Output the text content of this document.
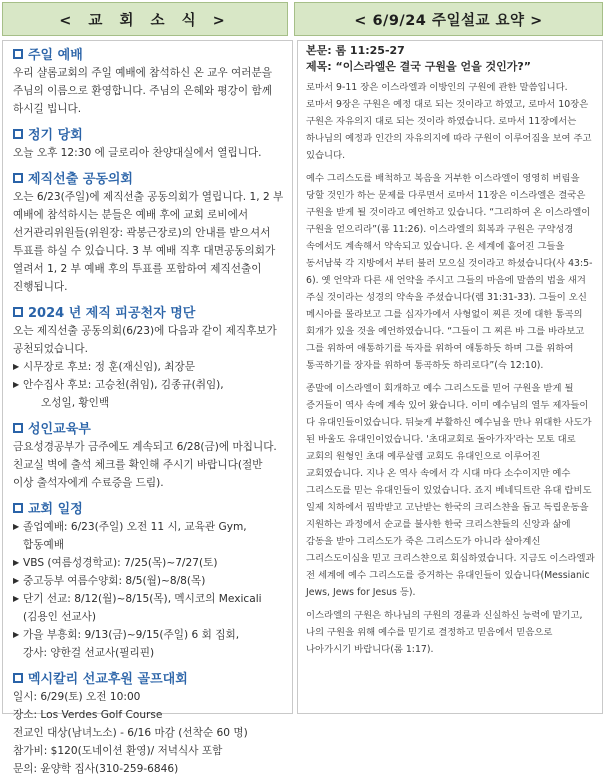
< 교 회 소 식 >	< 6/9/24 주일설교 요약 >
주일 예배
우리 샬롬교회의 주일 예배에 참석하신 온 교우 여러분을 주님의 이름으로 환영합니다. 주님의 은혜와 평강이 함께 하시길 빕니다.
정기 당회
오늘 오후 12:30 에 글로리아 찬양대실에서 열립니다.
제직선출 공동의회
오는 6/23(주일)에 제직선출 공동의회가 열립니다. 1, 2 부 예배에 참석하시는 분들은 예배 후에 교회 로비에서 선거관리위원들(위원장: 곽봉근장로)의 안내를 받으셔서 투표를 하실 수 있습니다. 3 부 예배 직후 대면공동의회가 열려서 1, 2 부 예배 후의 투표를 포함하여 제직선출이 진행됩니다.
2024 년 제직 피공천자 명단
오는 제직선출 공동의회(6/23)에 다음과 같이 제직후보가 공천되었습니다.
▶ 시무장로 후보: 정 훈(재신임), 최장문
▶ 안수집사 후보: 고승천(취임), 김종규(취임),
오성일, 황인백
성인교육부
금요성경공부가 금주에도 계속되고 6/28(금)에 마칩니다. 친교실 벽에 출석 체크를 확인해 주시기 바랍니다(절반 이상 출석자에게 수료증을 드림).
교회 일정
▶ 졸업예배: 6/23(주일) 오전 11 시, 교육관 Gym, 합동예배
▶ VBS (여름성경학교): 7/25(목)~7/27(토)
▶ 중고등부 여름수양회: 8/5(월)~8/8(목)
▶ 단기 선교: 8/12(월)~8/15(목), 멕시코의 Mexicali
(김용인 선교사)
▶ 가을 부흥회: 9/13(금)~9/15(주일) 6 회 집회,
강사: 양한걸 선교사(필리핀)
멕시칼리 선교후원 골프대회
일시: 6/29(토) 오전 10:00
장소: Los Verdes Golf Course
전교인 대상(남녀노소) - 6/16 마감 (선착순 60 명)
참가비: $120(도네이션 환영)/ 저녁식사 포함
문의: 윤양학 집사(310-259-6846)
본문: 롬 11:25-27
제목: “이스라엘은 결국 구원을 얻을 것인가?”

로마서 9-11 장은 이스라엘과 이방인의 구원에 관한 말씀입니다. 로마서 9장은 구원은 예정 대로 되는 것이라고 하였고, 로마서 10장은 구원은 자유의지 대로 되는 것이라 하였습니다. 로마서 11장에서는 하나님의 예정과 인간의 자유의지에 따라 구원이 이루어짐을 보여 주고 있습니다.

예수 그리스도를 배척하고 복음을 거부한 이스라엘이 영영히 버림을 당할 것인가 하는 문제를 다루면서 로마서 11장은 이스라엘은 결국은 구원을 받게 될 것이라고 예언하고 있습니다. “그리하여 온 이스라엘이 구원을 얻으리라”(롬 11:26). 이스라엘의 회복과 구원은 구약성경 속에서도 계속해서 약속되고 있습니다. 온 세계에 흩어진 그들을 동서남북 각 지방에서 부터 불러 모으실 것이라고 하셨습니다(사 43:5-6). 옛 언약과 다른 새 언약을 주시고 그들의 마음에 말씀의 법을 새겨 주실 것이라는 성경의 약속을 주셨습니다(렘 31:31-33). 그들이 오신 메시아를 몰라보고 그를 십자가에서 사형없이 찌른 것에 대한 통곡의 회개가 있을 것을 예언하였습니다. “그들이 그 찌른 바 그를 바라보고 그를 위하여 애통하기를 독자를 위하여 애통하듯 하며 그를 위하여 통곡하기를 장자를 위하여 통곡하듯 하리로다”(슥 12:10).

종말에 이스라엘이 회개하고 예수 그리스도를 믿어 구원을 받게 될 증거들이 역사 속에 계속 있어 왔습니다. 이미 예수님의 열두 제자들이 다 유대인들이었습니다. 뒤늦게 부활하신 예수님을 만나 위대한 사도가 된 바울도 유대인이었습니다. '초대교회로 돌아가자'라는 모토 대로 교회의 원형인 초대 예루살렘 교회도 유대인으로 이루어진 교회였습니다. 지나 온 역사 속에서 각 시대 마다 소수이지만 예수 그리스도를 믿는 유대인들이 있었습니다. 죠지 베네딕트란 유대 랍비도 일제 치하에서 핍박받고 고난받는 한국의 크리스챤을 돕고 독립운동을 지원하는 과정에서 순교를 불사한 한국 크리스챤들의 신앙과 삶에 감동을 받아 그리스도가 죽은 그리스도가 아니라 살아계신 그리스도이심을 믿고 크리스챤으로 회심하였습니다. 지금도 이스라엘과 전 세계에 예수 그리스도를 증거하는 유대인들이 있습니다(Messianic Jews, Jews for Jesus 등).

이스라엘의 구원은 하나님의 구원의 경륜과 신실하신 능력에 맡기고, 나의 구원을 위해 예수를 믿기로 결정하고 믿음에서 믿음으로 나아가시기 바랍니다(롬 1:17).
